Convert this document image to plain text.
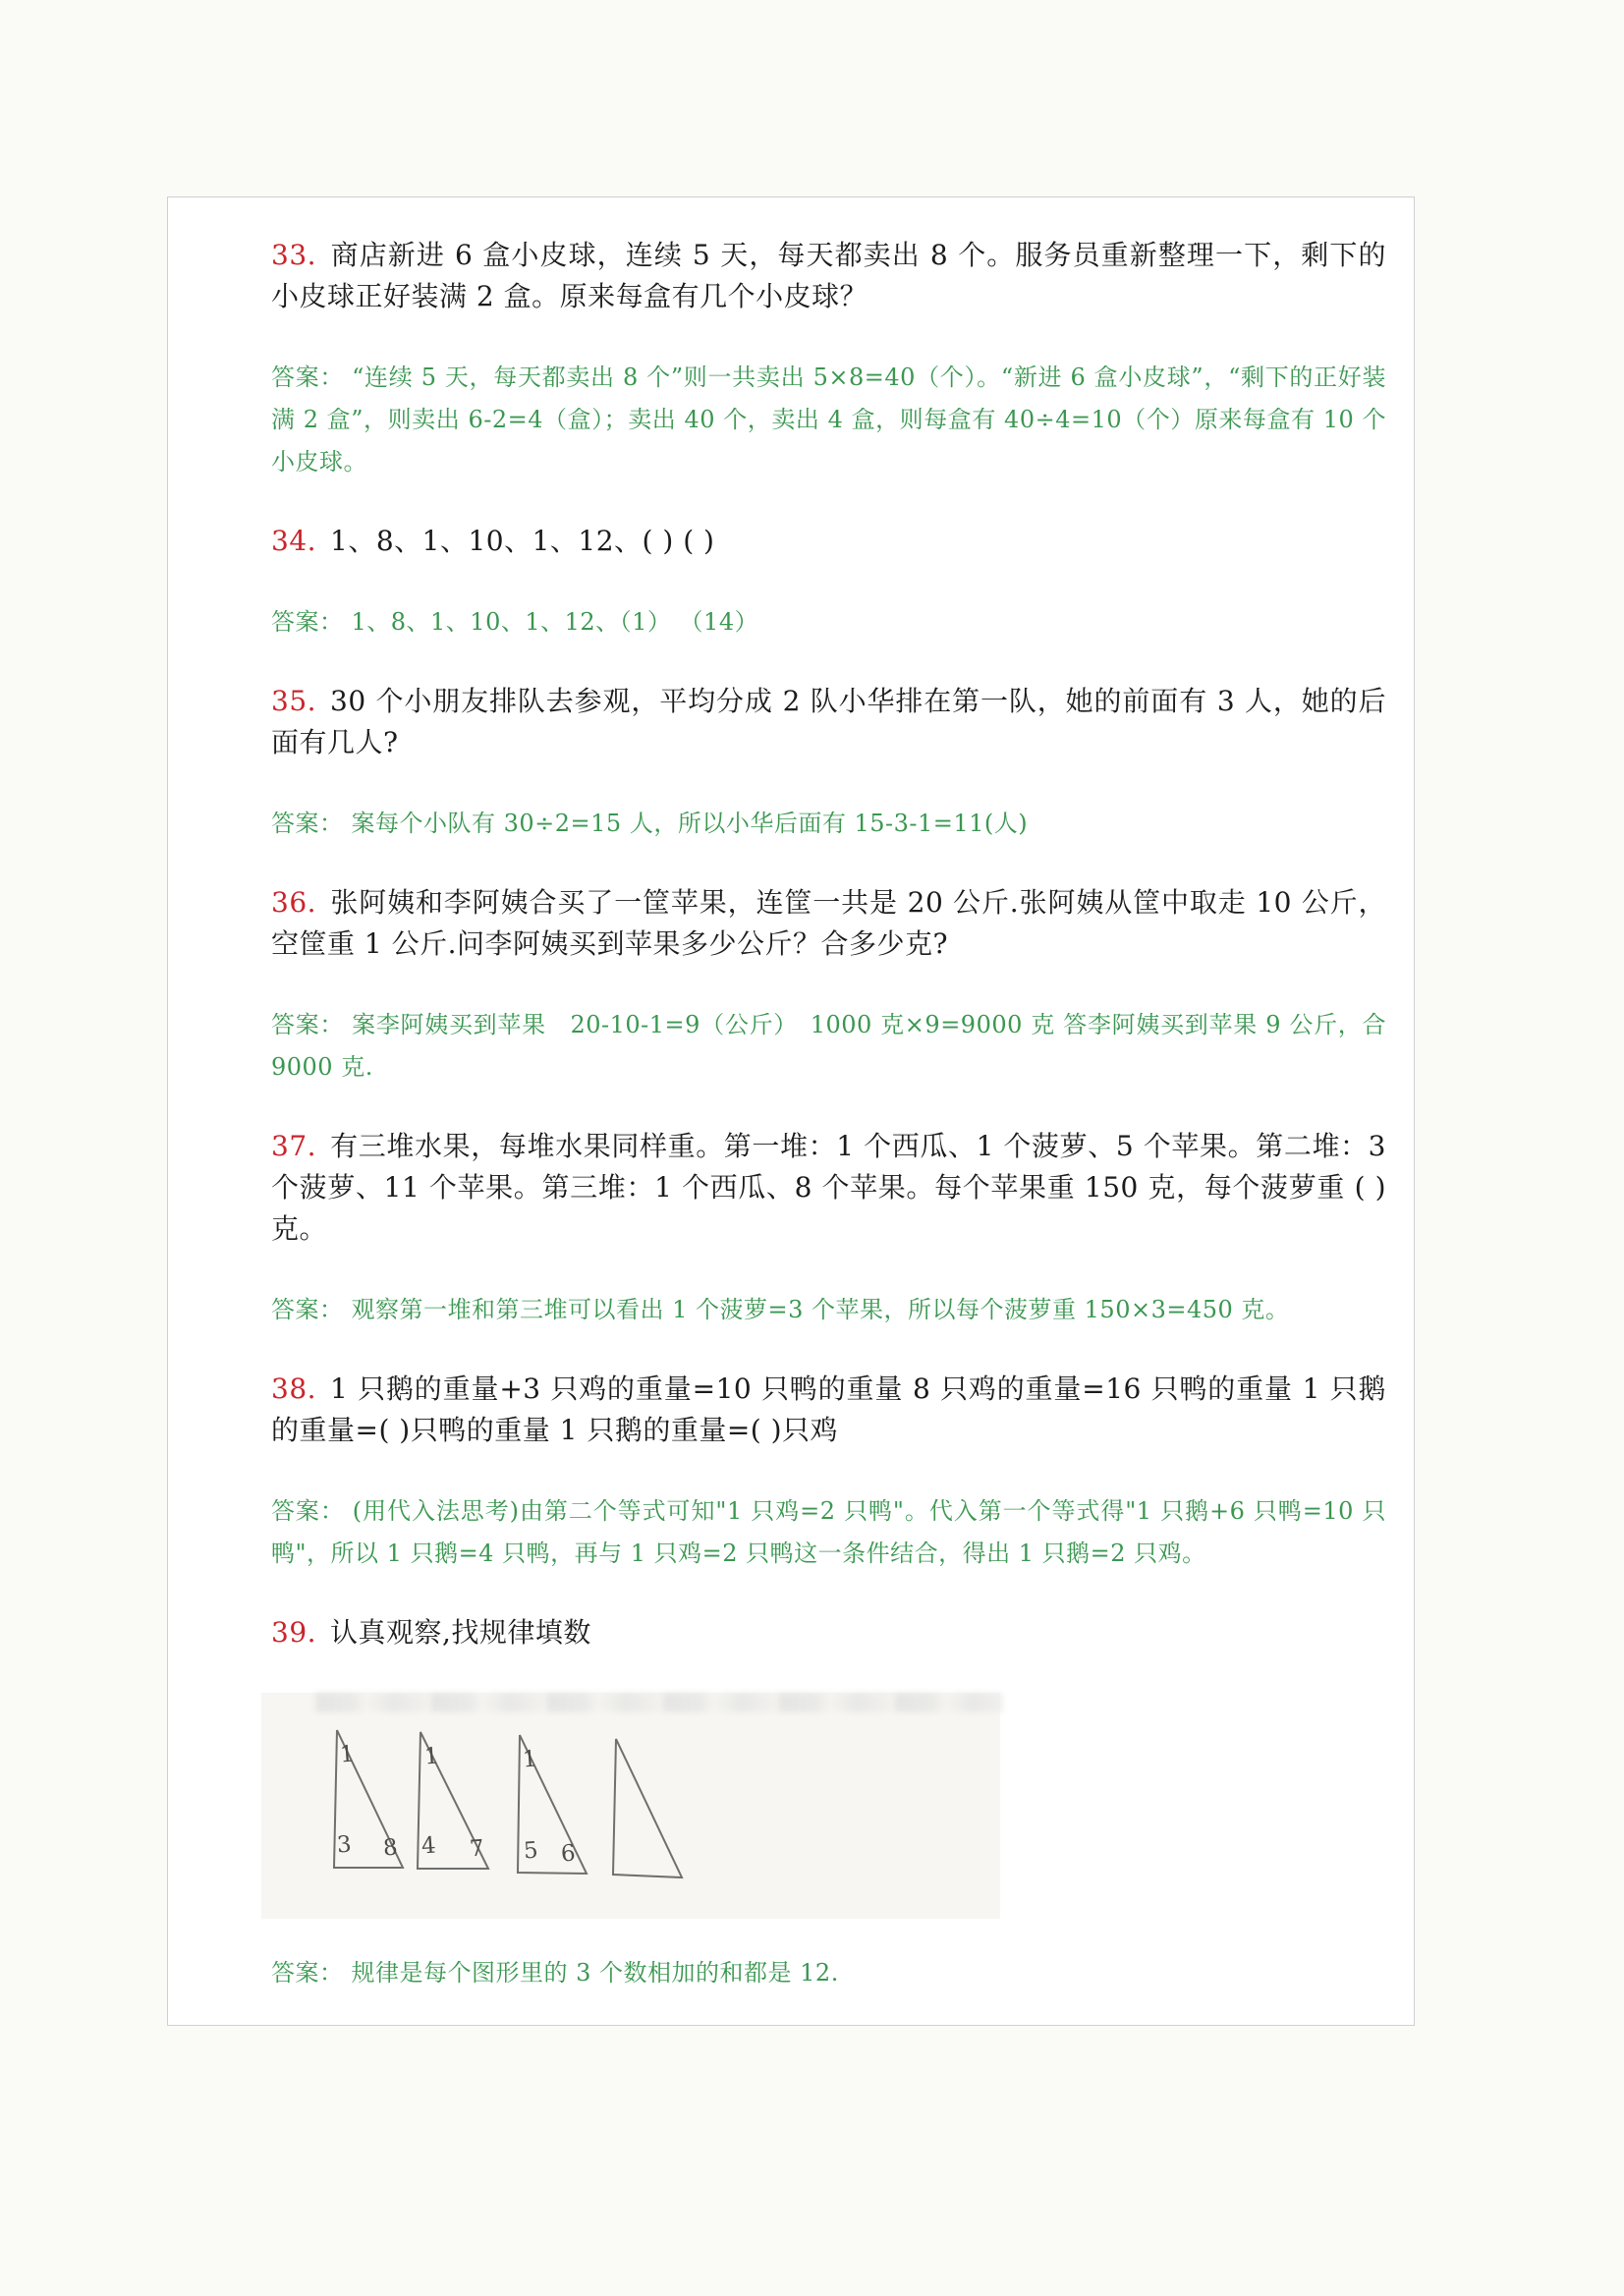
33. 商店新进 6 盒小皮球，连续 5 天，每天都卖出 8 个。服务员重新整理一下，剩下的小皮球正好装满 2 盒。原来每盒有几个小皮球？

答案： “连续 5 天，每天都卖出 8 个”则一共卖出 5×8=40（个）。“新进 6 盒小皮球”，“剩下的正好装满 2 盒”，则卖出 6-2=4（盒）；卖出 40 个，卖出 4 盒，则每盒有 40÷4=10（个）原来每盒有 10 个小皮球。

34. 1、8、1、10、1、12、( ) ( )

答案： 1、8、1、10、1、12、（1） （14）

35. 30 个小朋友排队去参观，平均分成 2 队小华排在第一队，她的前面有 3 人，她的后面有几人?

答案： 案每个小队有 30÷2=15 人，所以小华后面有 15-3-1=11(人)

36. 张阿姨和李阿姨合买了一筐苹果，连筐一共是 20 公斤.张阿姨从筐中取走 10 公斤，空筐重 1 公斤.问李阿姨买到苹果多少公斤？合多少克?

答案： 案李阿姨买到苹果　20-10-1=9（公斤）　1000 克×9=9000 克 答李阿姨买到苹果 9 公斤，合 9000 克.

37. 有三堆水果，每堆水果同样重。第一堆：1 个西瓜、1 个菠萝、5 个苹果。第二堆：3 个菠萝、11 个苹果。第三堆：1 个西瓜、8 个苹果。每个苹果重 150 克，每个菠萝重 ( ) 克。

答案： 观察第一堆和第三堆可以看出 1 个菠萝=3 个苹果，所以每个菠萝重 150×3=450 克。

38. 1 只鹅的重量+3 只鸡的重量=10 只鸭的重量 8 只鸡的重量=16 只鸭的重量 1 只鹅的重量=( )只鸭的重量 1 只鹅的重量=( )只鸡

答案： (用代入法思考)由第二个等式可知"1 只鸡=2 只鸭"。代入第一个等式得"1 只鹅+6 只鸭=10 只鸭"，所以 1 只鹅=4 只鸭，再与 1 只鸡=2 只鸭这一条件结合，得出 1 只鹅=2 只鸡。

39. 认真观察,找规律填数

1
3 8
1
4 7
1
5 6

答案： 规律是每个图形里的 3 个数相加的和都是 12.
